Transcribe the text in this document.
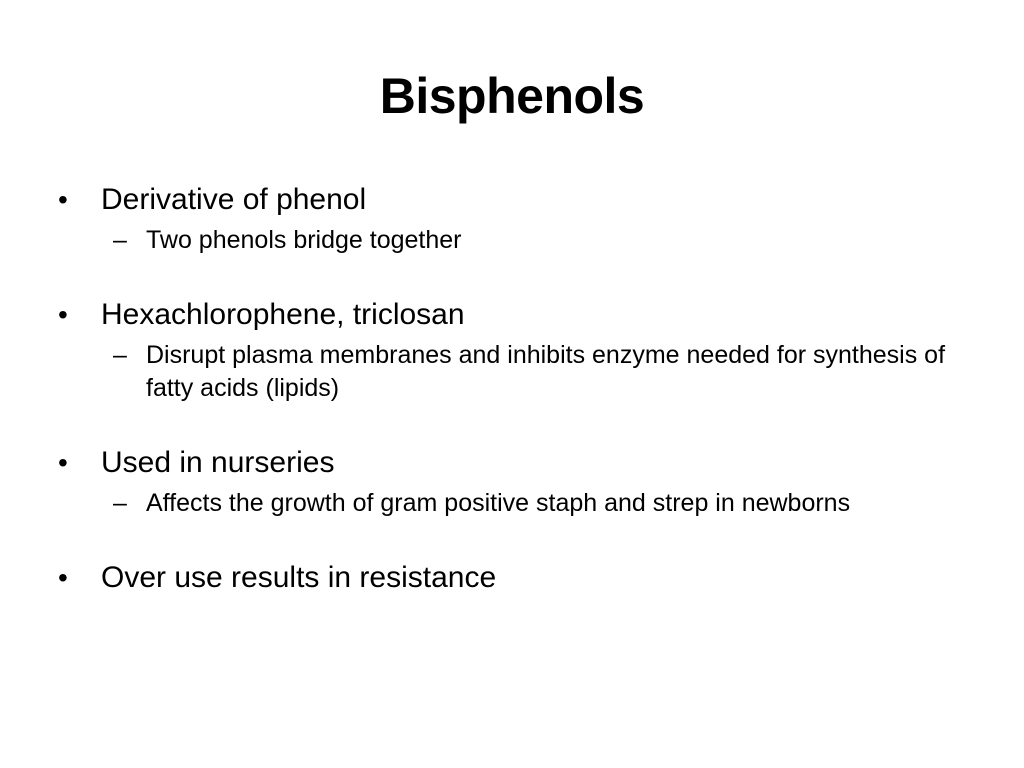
Bisphenols
• Derivative of phenol
– Two phenols bridge together
• Hexachlorophene, triclosan
– Disrupt plasma membranes and inhibits enzyme needed for synthesis of fatty acids (lipids)
• Used in nurseries
– Affects the growth of gram positive staph and strep in newborns
• Over use results in resistance
